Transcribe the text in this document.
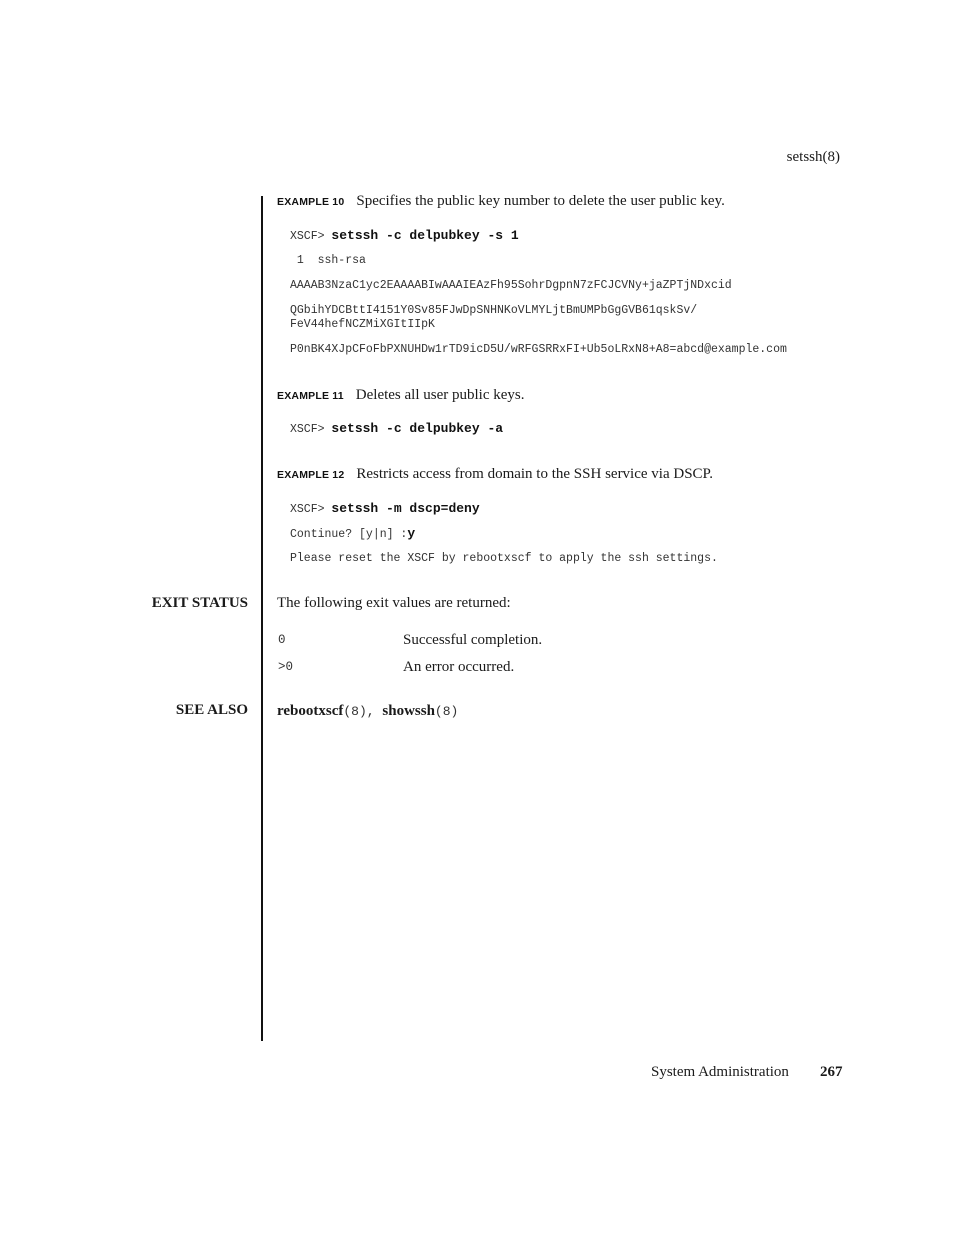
setssh(8)
EXAMPLE 10 Specifies the public key number to delete the user public key.
XSCF> setssh -c delpubkey -s 1
1  ssh-rsa
AAAAB3NzaC1yc2EAAAABIwAAAIEAzFh95SohrDgpnN7zFCJCVNy+jaZPTjNDxcid
QGbihYDCBttI4151Y0Sv85FJwDpSNHNKoVLMYLjtBmUMPbGgGVB61qskSv/
FeV44hefNCZMiXGItIIpK
P0nBK4XJpCFoFbPXNUHDw1rTD9icD5U/wRFGSRRxFI+Ub5oLRxN8+A8=abcd@example.com
EXAMPLE 11 Deletes all user public keys.
XSCF> setssh -c delpubkey -a
EXAMPLE 12 Restricts access from domain to the SSH service via DSCP.
XSCF> setssh -m dscp=deny
Continue? [y|n] :y
Please reset the XSCF by rebootxscf to apply the ssh settings.
EXIT STATUS The following exit values are returned:
0	Successful completion.
>0	An error occurred.
SEE ALSO rebootxscf(8), showssh(8)
System Administration 267
